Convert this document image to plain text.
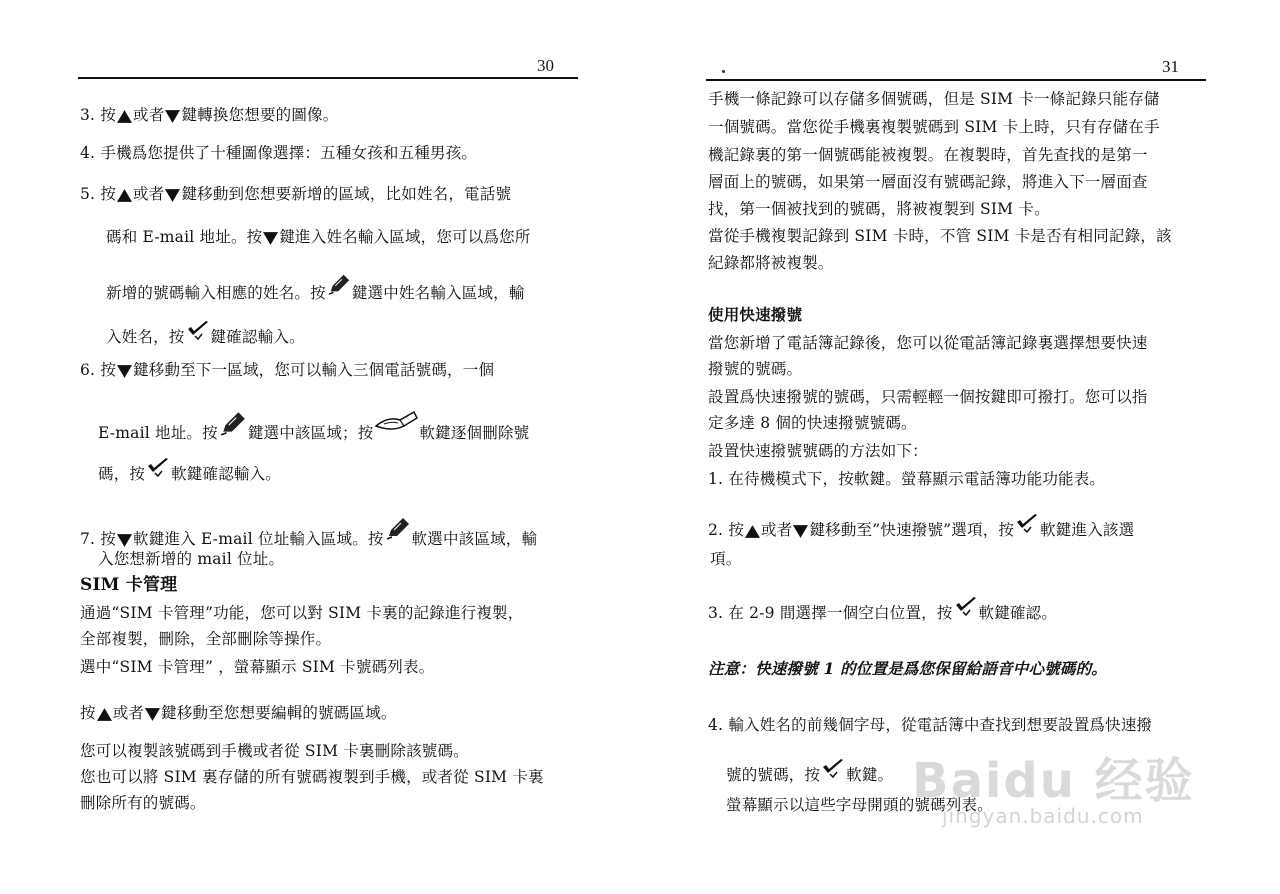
30
3. 按 或者 鍵轉換您想要的圖像。
4. 手機爲您提供了十種圖像選擇：五種女孩和五種男孩。
5. 按 或者 鍵移動到您想要新增的區域，比如姓名，電話號
碼和 E-mail 地址。按 鍵進入姓名輸入區域，您可以爲您所
新增的號碼輸入相應的姓名。按 鍵選中姓名輸入區域，輸
入姓名，按 鍵確認輸入。
6. 按 鍵移動至下一區域，您可以輸入三個電話號碼，一個
E-mail 地址。按 鍵選中該區域；按	軟鍵逐個刪除號
碼，按 軟鍵確認輸入。
7. 按 軟鍵進入 E-mail 位址輸入區域。按 軟選中該區域，輸
入您想新增的 mail 位址。
SIM 卡管理
通過“SIM 卡管理”功能，您可以對 SIM 卡裏的記錄進行複製，
全部複製，刪除，全部刪除等操作。
選中“SIM 卡管理” ，螢幕顯示 SIM 卡號碼列表。
按 或者 鍵移動至您想要編輯的號碼區域。
您可以複製該號碼到手機或者從 SIM 卡裏刪除該號碼。
您也可以將 SIM 裏存儲的所有號碼複製到手機，或者從 SIM 卡裏
刪除所有的號碼。
31
手機一條記錄可以存儲多個號碼，但是 SIM 卡一條記錄只能存儲
一個號碼。當您從手機裏複製號碼到 SIM 卡上時，只有存儲在手
機記錄裏的第一個號碼能被複製。在複製時，首先查找的是第一
層面上的號碼，如果第一層面沒有號碼記錄，將進入下一層面查
找，第一個被找到的號碼，將被複製到 SIM 卡。
當從手機複製記錄到 SIM 卡時，不管 SIM 卡是否有相同記錄，該
紀錄都將被複製。
使用快速撥號
當您新增了電話簿記錄後，您可以從電話簿記錄裏選擇想要快速
撥號的號碼。
設置爲快速撥號的號碼，只需輕輕一個按鍵即可撥打。您可以指
定多達 8 個的快速撥號號碼。
設置快速撥號號碼的方法如下：
1. 在待機模式下，按軟鍵。螢幕顯示電話簿功能功能表。
2. 按 或者 鍵移動至”快速撥號”選項，按 軟鍵進入該選
項。
3. 在 2-9 間選擇一個空白位置，按 軟鍵確認。
注意：快速撥號 1 的位置是爲您保留給語音中心號碼的。
4. 輸入姓名的前幾個字母，從電話簿中查找到想要設置爲快速撥
號的號碼，按 軟鍵。
螢幕顯示以這些字母開頭的號碼列表。
Baidu 经验
jingyan.baidu.com
